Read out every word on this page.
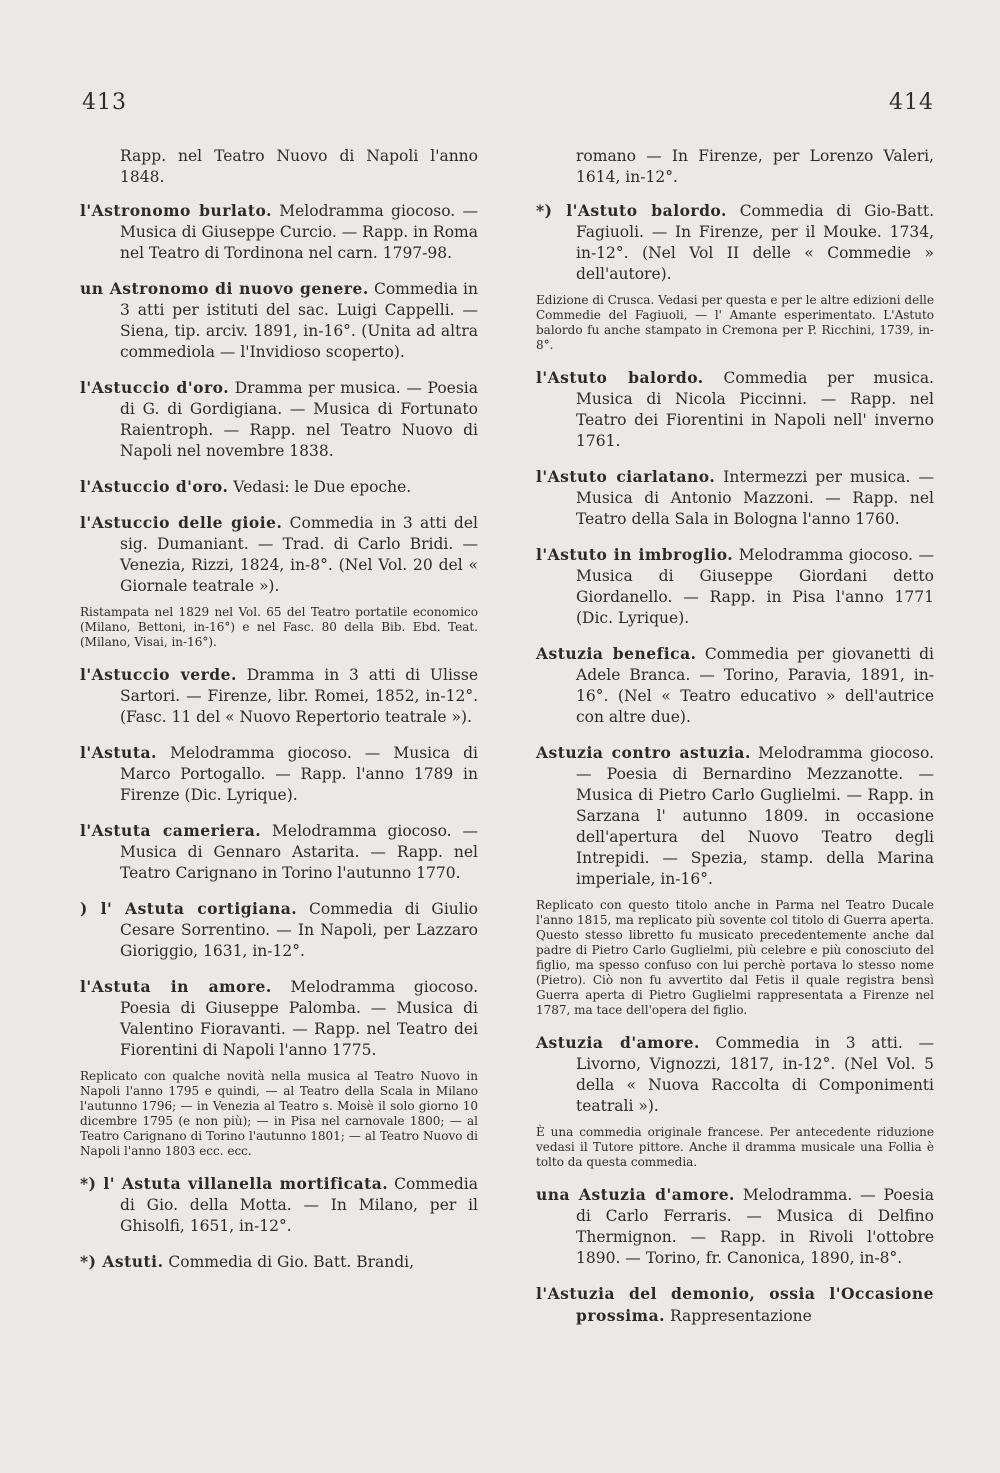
413	414

Rapp. nel Teatro Nuovo di Napoli l'anno 1848.

l'Astronomo burlato. Melodramma giocoso. — Musica di Giuseppe Curcio. — Rapp. in Roma nel Teatro di Tordinona nel carn. 1797-98.

un Astronomo di nuovo genere. Commedia in 3 atti per istituti del sac. Luigi Cappelli. — Siena, tip. arciv. 1891, in-16°. (Unita ad altra commediola — l'Invidioso scoperto).

l'Astuccio d'oro. Dramma per musica. — Poesia di G. di Gordigiana. — Musica di Fortunato Raientroph. — Rapp. nel Teatro Nuovo di Napoli nel novembre 1838.

l'Astuccio d'oro. Vedasi: le Due epoche.

l'Astuccio delle gioie. Commedia in 3 atti del sig. Dumaniant. — Trad. di Carlo Bridi. — Venezia, Rizzi, 1824, in-8°. (Nel Vol. 20 del « Giornale teatrale »).

Ristampata nel 1829 nel Vol. 65 del Teatro portatile economico (Milano, Bettoni, in-16°) e nel Fasc. 80 della Bib. Ebd. Teat. (Milano, Visai, in-16°).

l'Astuccio verde. Dramma in 3 atti di Ulisse Sartori. — Firenze, libr. Romei, 1852, in-12°. (Fasc. 11 del « Nuovo Repertorio teatrale »).

l'Astuta. Melodramma giocoso. — Musica di Marco Portogallo. — Rapp. l'anno 1789 in Firenze (Dic. Lyrique).

l'Astuta cameriera. Melodramma giocoso. — Musica di Gennaro Astarita. — Rapp. nel Teatro Carignano in Torino l'autunno 1770.

) l' Astuta cortigiana. Commedia di Giulio Cesare Sorrentino. — In Napoli, per Lazzaro Gioriggio, 1631, in-12°.

l'Astuta in amore. Melodramma giocoso. Poesia di Giuseppe Palomba. — Musica di Valentino Fioravanti. — Rapp. nel Teatro dei Fiorentini di Napoli l'anno 1775.

Replicato con qualche novità nella musica al Teatro Nuovo in Napoli l'anno 1795 e quindi, — al Teatro della Scala in Milano l'autunno 1796; — in Venezia al Teatro s. Moisè il solo giorno 10 dicembre 1795 (e non più); — in Pisa nel carnovale 1800; — al Teatro Carignano di Torino l'autunno 1801; — al Teatro Nuovo di Napoli l'anno 1803 ecc. ecc.

*) l' Astuta villanella mortificata. Commedia di Gio. della Motta. — In Milano, per il Ghisolfi, 1651, in-12°.

*) Astuti. Commedia di Gio. Batt. Brandi,

romano — In Firenze, per Lorenzo Valeri, 1614, in-12°.

*) l'Astuto balordo. Commedia di Gio-Batt. Fagiuoli. — In Firenze, per il Mouke. 1734, in-12°. (Nel Vol II delle « Commedie » dell'autore).

Edizione di Crusca. Vedasi per questa e per le altre edizioni delle Commedie del Fagiuoli, — l' Amante esperimentato. L'Astuto balordo fu anche stampato in Cremona per P. Ricchini, 1739, in-8°.

l'Astuto balordo. Commedia per musica. Musica di Nicola Piccinni. — Rapp. nel Teatro dei Fiorentini in Napoli nell' inverno 1761.

l'Astuto ciarlatano. Intermezzi per musica. — Musica di Antonio Mazzoni. — Rapp. nel Teatro della Sala in Bologna l'anno 1760.

l'Astuto in imbroglio. Melodramma giocoso. — Musica di Giuseppe Giordani detto Giordanello. — Rapp. in Pisa l'anno 1771 (Dic. Lyrique).

Astuzia benefica. Commedia per giovanetti di Adele Branca. — Torino, Paravia, 1891, in-16°. (Nel « Teatro educativo » dell'autrice con altre due).

Astuzia contro astuzia. Melodramma giocoso. — Poesia di Bernardino Mezzanotte. — Musica di Pietro Carlo Guglielmi. — Rapp. in Sarzana l' autunno 1809. in occasione dell'apertura del Nuovo Teatro degli Intrepidi. — Spezia, stamp. della Marina imperiale, in-16°.

Replicato con questo titolo anche in Parma nel Teatro Ducale l'anno 1815, ma replicato più sovente col titolo di Guerra aperta. Questo stesso libretto fu musicato precedentemente anche dal padre di Pietro Carlo Guglielmi, più celebre e più conosciuto del figlio, ma spesso confuso con lui perchè portava lo stesso nome (Pietro). Ciò non fu avvertito dal Fetis il quale registra bensì Guerra aperta di Pietro Guglielmi rappresentata a Firenze nel 1787, ma tace dell'opera del figlio.

Astuzia d'amore. Commedia in 3 atti. — Livorno, Vignozzi, 1817, in-12°. (Nel Vol. 5 della « Nuova Raccolta di Componimenti teatrali »).

È una commedia originale francese. Per antecedente riduzione vedasi il Tutore pittore. Anche il dramma musicale una Follia è tolto da questa commedia.

una Astuzia d'amore. Melodramma. — Poesia di Carlo Ferraris. — Musica di Delfino Thermignon. — Rapp. in Rivoli l'ottobre 1890. — Torino, fr. Canonica, 1890, in-8°.

l'Astuzia del demonio, ossia l'Occasione prossima. Rappresentazione
